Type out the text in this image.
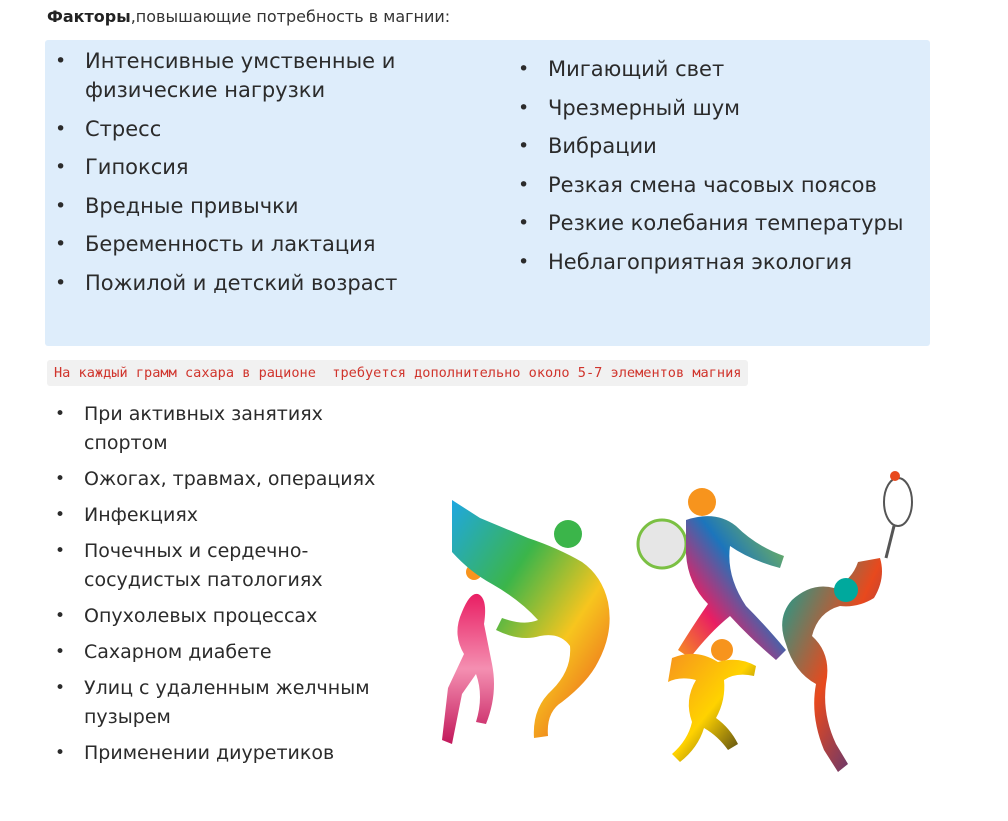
Факторы,повышающие потребность в магнии:
• Интенсивные умственные и физические нагрузки
• Стресс
• Гипоксия
• Вредные привычки
• Беременность и лактация
• Пожилой и детский возраст
• Мигающий свет
• Чрезмерный шум
• Вибрации
• Резкая смена часовых поясов
• Резкие колебания температуры
• Неблагоприятная экология
На каждый грамм сахара в рационе  требуется дополнительно около 5-7 элементов магния
• При активных занятиях спортом
• Ожогах, травмах, операциях
• Инфекциях
• Почечных и сердечно-сосудистых патологиях
• Опухолевых процессах
• Сахарном диабете
• Улиц с удаленным желчным пузырем
• Применении диуретиков
